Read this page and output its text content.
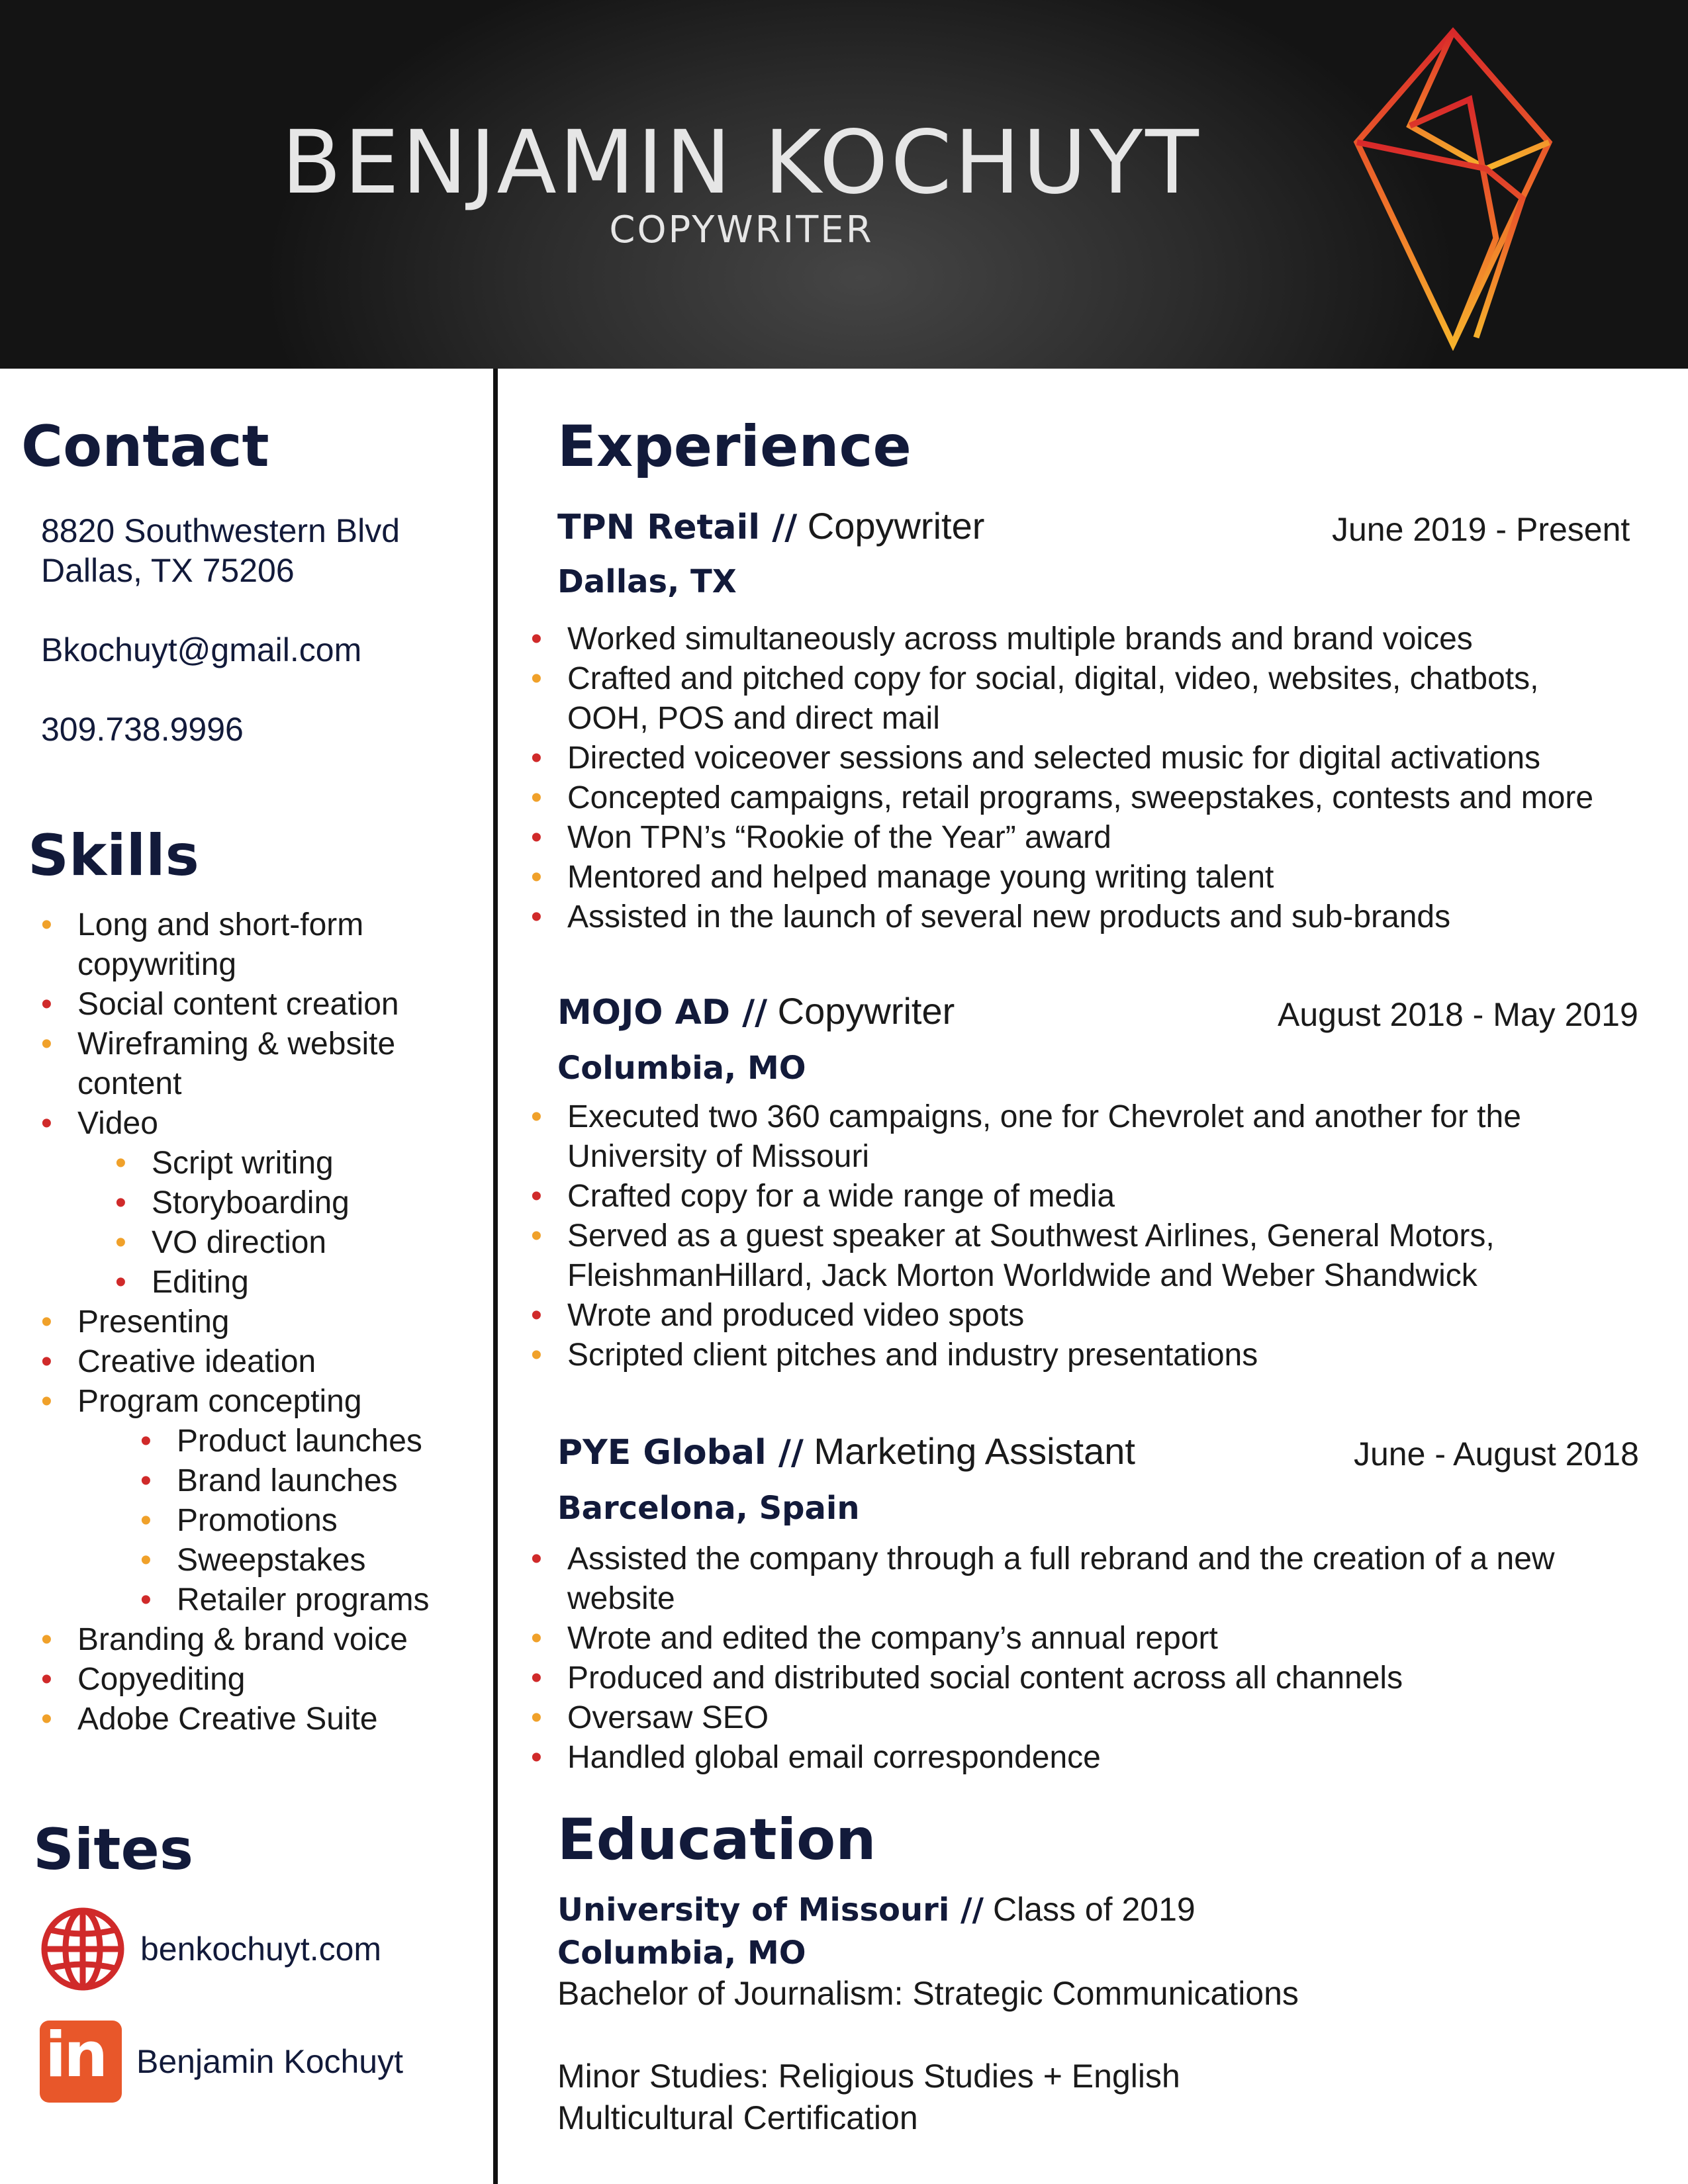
BENJAMIN KOCHUYT
COPYWRITER
Contact
8820 Southwestern Blvd
Dallas, TX 75206
Bkochuyt@gmail.com
309.738.9996
Skills
• Long and short-form
copywriting
• Social content creation
• Wireframing & website
content
• Video
• Script writing
• Storyboarding
• VO direction
• Editing
• Presenting
• Creative ideation
• Program concepting
• Product launches
• Brand launches
• Promotions
• Sweepstakes
• Retailer programs
• Branding & brand voice
• Copyediting
• Adobe Creative Suite
Sites
benkochuyt.com
in Benjamin Kochuyt
Experience
TPN Retail // Copywriter	June 2019 - Present
Dallas, TX
• Worked simultaneously across multiple brands and brand voices
• Crafted and pitched copy for social, digital, video, websites, chatbots,
OOH, POS and direct mail
• Directed voiceover sessions and selected music for digital activations
• Concepted campaigns, retail programs, sweepstakes, contests and more
• Won TPN’s “Rookie of the Year” award
• Mentored and helped manage young writing talent
• Assisted in the launch of several new products and sub-brands
MOJO AD // Copywriter	August 2018 - May 2019
Columbia, MO
• Executed two 360 campaigns, one for Chevrolet and another for the
University of Missouri
• Crafted copy for a wide range of media
• Served as a guest speaker at Southwest Airlines, General Motors,
FleishmanHillard, Jack Morton Worldwide and Weber Shandwick
• Wrote and produced video spots
• Scripted client pitches and industry presentations
PYE Global // Marketing Assistant	June - August 2018
Barcelona, Spain
• Assisted the company through a full rebrand and the creation of a new
website
• Wrote and edited the company’s annual report
• Produced and distributed social content across all channels
• Oversaw SEO
• Handled global email correspondence
Education
University of Missouri // Class of 2019
Columbia, MO
Bachelor of Journalism: Strategic Communications
Minor Studies: Religious Studies + English
Multicultural Certification
